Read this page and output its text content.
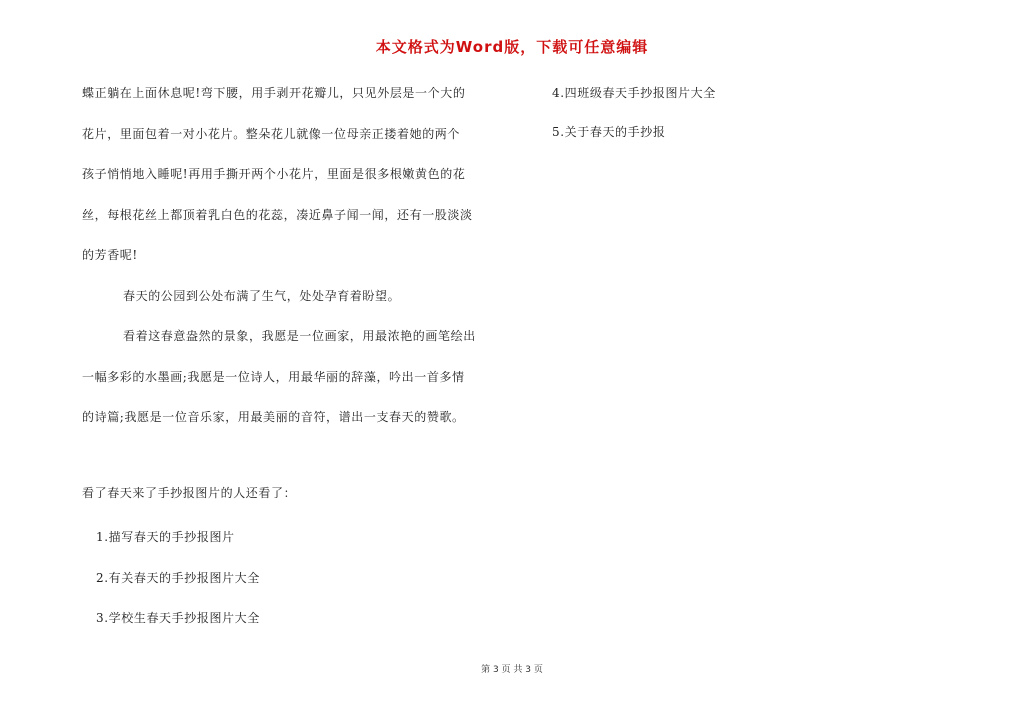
本文格式为Word版，下载可任意编辑
蝶正躺在上面休息呢!弯下腰，用手剥开花瓣儿，只见外层是一个大的
花片，里面包着一对小花片。整朵花儿就像一位母亲正搂着她的两个
孩子悄悄地入睡呢!再用手撕开两个小花片，里面是很多根嫩黄色的花
丝，每根花丝上都顶着乳白色的花蕊，凑近鼻子闻一闻，还有一股淡淡
的芳香呢!
春天的公园到公处布满了生气，处处孕育着盼望。
看着这春意盎然的景象，我愿是一位画家，用最浓艳的画笔绘出
一幅多彩的水墨画;我愿是一位诗人，用最华丽的辞藻，吟出一首多情
的诗篇;我愿是一位音乐家，用最美丽的音符，谱出一支春天的赞歌。
看了春天来了手抄报图片的人还看了：
1.描写春天的手抄报图片
2.有关春天的手抄报图片大全
3.学校生春天手抄报图片大全
4.四班级春天手抄报图片大全
5.关于春天的手抄报
第 3 页 共 3 页
